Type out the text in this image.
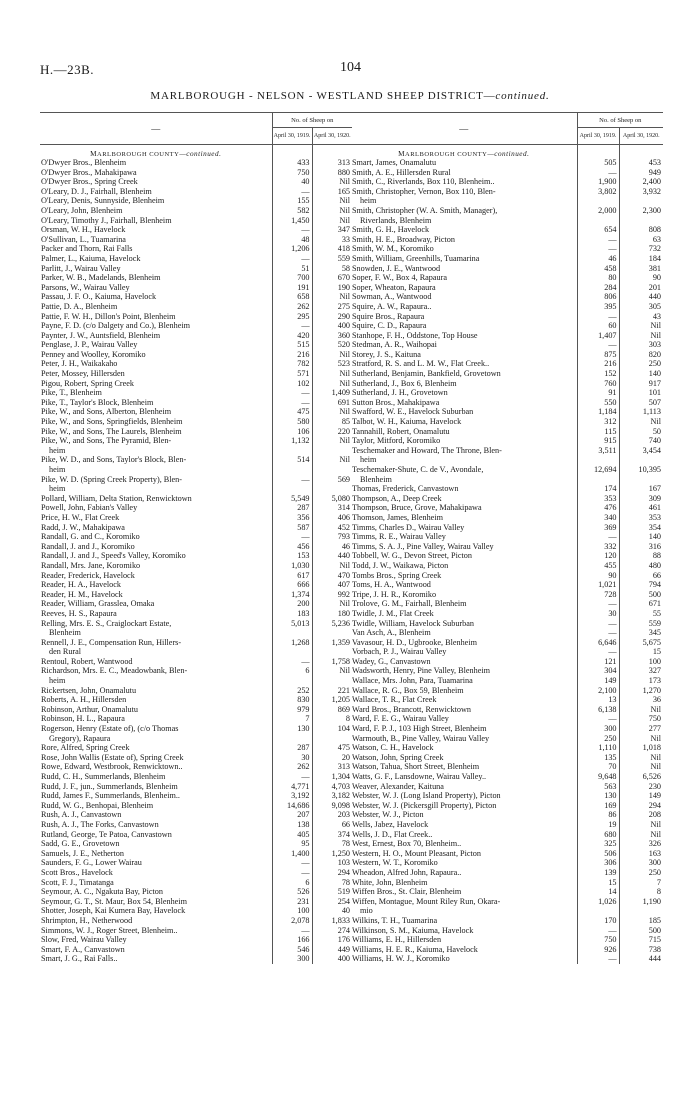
H.—23B.	104
MARLBOROUGH - NELSON - WESTLAND SHEEP DISTRICT—continued.
—	No. of Sheep on	
	April 30, 1919.	April 30, 1920.
MARLBOROUGH COUNTY—continued.		
O'Dwyer Bros., Blenheim	433	313
O'Dwyer Bros., Mahakipawa	750	880
O'Dwyer Bros., Spring Creek	40	Nil
O'Leary, D. J., Fairhall, Blenheim	—	165
O'Leary, Denis, Sunnyside, Blenheim	155	Nil
O'Leary, John, Blenheim	582	Nil
O'Leary, Timothy J., Fairhall, Blenheim	1,450	Nil
Orsman, W. H., Havelock	—	347
O'Sullivan, L., Tuamarina	48	33
Packer and Thorn, Rai Falls	1,206	418
Palmer, L., Kaiuma, Havelock	—	559
Parlitt, J., Wairau Valley	51	58
Parker, W. B., Madelands, Blenheim	700	670
Parsons, W., Wairau Valley	191	190
Passau, J. F. O., Kaiuma, Havelock	658	Nil
Pattie, D. A., Blenheim	262	275
Pattie, F. W. H., Dillon's Point, Blenheim	295	290
Payne, F. D. (c/o Dalgety and Co.), Blenheim	—	400
Paynter, J. W., Auntsfield, Blenheim	420	360
Penglase, J. P., Wairau Valley	515	520
Penney and Woolley, Koromiko	216	Nil
Peter, J. H., Waikakaho	782	523
Peter, Mossey, Hillersden	571	Nil
Pigou, Robert, Spring Creek	102	Nil
Pike, T., Blenheim	—	1,409
Pike, T., Taylor's Block, Blenheim	—	691
Pike, W., and Sons, Alberton, Blenheim	475	Nil
Pike, W., and Sons, Springfields, Blenheim	580	85
Pike, W., and Sons, The Laurels, Blenheim	106	220
Pike, W., and Sons, The Pyramid, Blen-	1,132	Nil
heim		
Pike, W. D., and Sons, Taylor's Block, Blen-	514	Nil
heim		
Pike, W. D. (Spring Creek Property), Blen-	—	569
heim		
Pollard, William, Delta Station, Renwicktown	5,549	5,080
Powell, John, Fabian's Valley	287	314
Price, H. W., Flat Creek	356	406
Radd, J. W., Mahakipawa	587	452
Randall, G. and C., Koromiko	—	793
Randall, J. and J., Koromiko	456	46
Randall, J. and J., Speed's Valley, Koromiko	153	440
Randall, Mrs. Jane, Koromiko	1,030	Nil
Reader, Frederick, Havelock	617	470
Reader, H. A., Havelock	666	407
Reader, H. M., Havelock	1,374	992
Reader, William, Grasslea, Omaka	200	Nil
Reeves, H. S., Rapaura	183	180
Relling, Mrs. E. S., Craiglockart Estate,	5,013	5,236
Blenheim		
Rennell, J. E., Compensation Run, Hillers-	1,268	1,359
den Rural		
Rentoul, Robert, Wantwood	—	1,758
Richardson, Mrs. E. C., Meadowbank, Blen-	6	Nil
heim		
Rickertsen, John, Onamalutu	252	221
Roberts, A. H., Hillersden	830	1,205
Robinson, Arthur, Onamalutu	979	869
Robinson, H. L., Rapaura	7	8
Rogerson, Henry (Estate of), (c/o Thomas	130	104
Gregory), Rapaura		
Rore, Alfred, Spring Creek	287	475
Rose, John Wallis (Estate of), Spring Creek	30	20
Rowe, Edward, Westbrook, Renwicktown..	262	313
Rudd, C. H., Summerlands, Blenheim	—	1,304
Rudd, J. F., jun., Summerlands, Blenheim	4,771	4,703
Rudd, James F., Summerlands, Blenheim..	3,192	3,182
Rudd, W. G., Benhopai, Blenheim	14,686	9,098
Rush, A. J., Canvastown	207	203
Rush, A. J., The Forks, Canvastown	138	66
Rutland, George, Te Patoa, Canvastown	405	374
Sadd, G. E., Grovetown	95	78
Samuels, J. E., Netherton	1,400	1,250
Saunders, F. G., Lower Wairau	—	103
Scott Bros., Havelock	—	294
Scott, F. J., Timatanga	6	78
Seymour, A. C., Ngakuta Bay, Picton	526	519
Seymour, G. T., St. Maur, Box 54, Blenheim	231	254
Shotter, Joseph, Kai Kumera Bay, Havelock	100	40
Shrimpton, H., Netherwood	2,078	1,833
Simmons, W. J., Roger Street, Blenheim..	—	274
Slow, Fred, Wairau Valley	166	176
Smart, F. A., Canvastown	546	449
Smart, J. G., Rai Falls..	300	400
—	No. of Sheep on	
	April 30, 1919.	April 30, 1920.
MARLBOROUGH COUNTY—continued.		
Smart, James, Onamalutu	505	453
Smith, A. E., Hillersden Rural	—	949
Smith, C., Riverlands, Box 110, Blenheim..	1,900	2,400
Smith, Christopher, Vernon, Box 110, Blen-	3,802	3,932
heim		
Smith, Christopher (W. A. Smith, Manager),	2,000	2,300
Riverlands, Blenheim		
Smith, G. H., Havelock	654	808
Smith, H. E., Broadway, Picton	—	63
Smith, W. M., Koromiko	—	732
Smith, William, Greenhills, Tuamarina	46	184
Snowden, J. E., Wantwood	458	381
Soper, F. W., Box 4, Rapaura	80	90
Soper, Wheaton, Rapaura	284	201
Sowman, A., Wantwood	806	440
Squire, A. W., Rapaura..	395	305
Squire Bros., Rapaura	—	43
Squire, C. D., Rapaura	60	Nil
Stanhope, F. H., Oddstone, Top House	1,407	Nil
Stedman, A. R., Waihopai	—	303
Storey, J. S., Kaituna	875	820
Stratford, R. S. and L. M. W., Flat Creek..	216	250
Sutherland, Benjamin, Bankfield, Grovetown	152	140
Sutherland, J., Box 6, Blenheim	760	917
Sutherland, J. H., Grovetown	91	101
Sutton Bros., Mahakipawa	550	507
Swafford, W. E., Havelock Suburban	1,184	1,113
Talbot, W. H., Kaiuma, Havelock	312	Nil
Tannahill, Robert, Onamalutu	115	50
Taylor, Mitford, Koromiko	915	740
Teschemaker and Howard, The Throne, Blen-	3,511	3,454
heim		
Teschemaker-Shute, C. de V., Avondale,	12,694	10,395
Blenheim		
Thomas, Frederick, Canvastown	174	167
Thompson, A., Deep Creek	353	309
Thompson, Bruce, Grove, Mahakipawa	476	461
Thomson, James, Blenheim	340	353
Timms, Charles D., Wairau Valley	369	354
Timms, R. E., Wairau Valley	—	140
Timms, S. A. J., Pine Valley, Wairau Valley	332	316
Tobbell, W. G., Devon Street, Picton	120	88
Todd, J. W., Waikawa, Picton	455	480
Tombs Bros., Spring Creek	90	66
Toms, H. A., Wantwood	1,021	794
Tripe, J. H. R., Koromiko	728	500
Trolove, G. M., Fairhall, Blenheim	—	671
Twidle, J. M., Flat Creek	30	55
Twidle, William, Havelock Suburban	—	559
Van Asch, A., Blenheim	—	345
Vavasour, H. D., Ugbrooke, Blenheim	6,646	5,675
Vorbach, P. J., Wairau Valley	—	15
Wadey, G., Canvastown	121	100
Wadsworth, Henry, Pine Valley, Blenheim	304	327
Wallace, Mrs. John, Para, Tuamarina	149	173
Wallace, R. G., Box 59, Blenheim	2,100	1,270
Wallace, T. R., Flat Creek	13	36
Ward Bros., Brancott, Renwicktown	6,138	Nil
Ward, F. E. G., Wairau Valley	—	750
Ward, F. P. J., 103 High Street, Blenheim	300	277
Warmouth, B., Pine Valley, Wairau Valley	250	Nil
Watson, C. H., Havelock	1,110	1,018
Watson, John, Spring Creek	135	Nil
Watson, Tahua, Short Street, Blenheim	70	Nil
Watts, G. F., Lansdowne, Wairau Valley..	9,648	6,526
Weaver, Alexander, Kaituna	563	230
Webster, W. J. (Long Island Property), Picton	130	149
Webster, W. J. (Pickersgill Property), Picton	169	294
Webster, W. J., Picton	86	208
Wells, Jabez, Havelock	19	Nil
Wells, J. D., Flat Creek..	680	Nil
West, Ernest, Box 70, Blenheim..	325	326
Western, H. O., Mount Pleasant, Picton	506	163
Western, W. T., Koromiko	306	300
Wheadon, Alfred John, Rapaura..	139	250
White, John, Blenheim	15	7
Wiffen Bros., St. Clair, Blenheim	14	8
Wiffen, Montague, Mount Riley Run, Okara-	1,026	1,190
mio		
Wilkins, T. H., Tuamarina	170	185
Wilkinson, S. M., Kaiuma, Havelock	—	500
Williams, E. H., Hillersden	750	715
Williams, H. E. R., Kaiuma, Havelock	926	738
Williams, H. W. J., Koromiko	—	444
